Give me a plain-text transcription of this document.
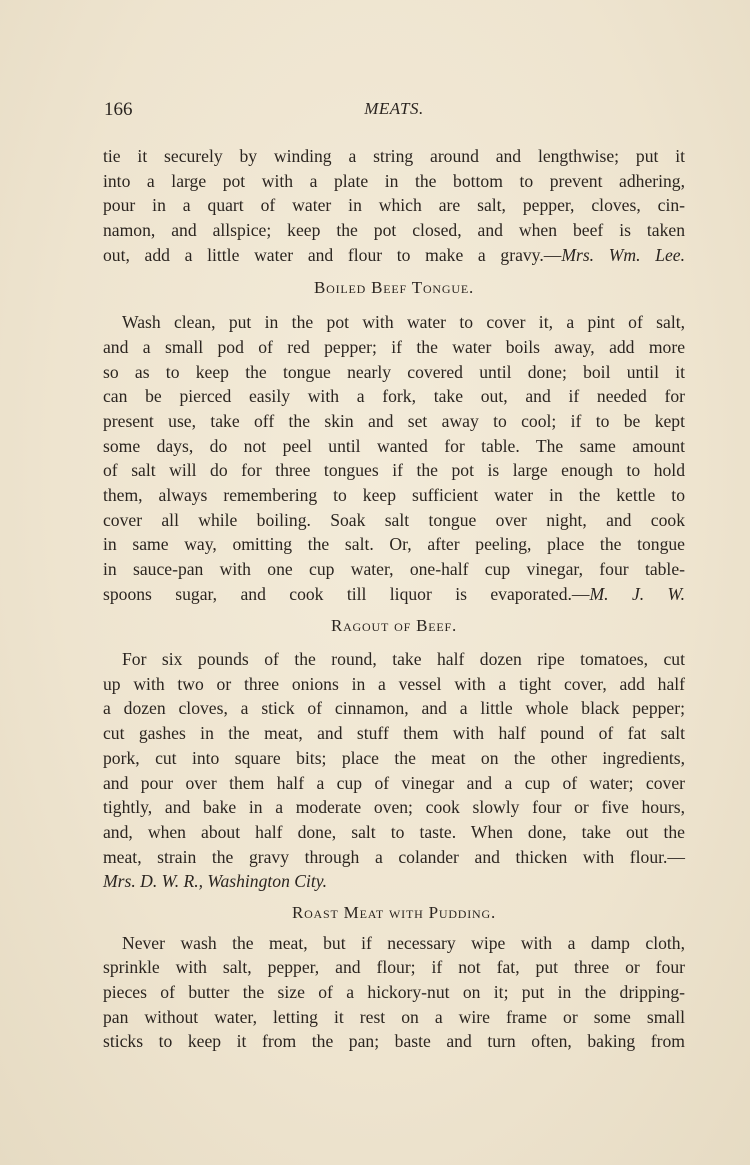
166	MEATS.
tie it securely by winding a string around and lengthwise; put it
into a large pot with a plate in the bottom to prevent adhering,
pour in a quart of water in which are salt, pepper, cloves, cin-
namon, and allspice; keep the pot closed, and when beef is taken
out, add a little water and flour to make a gravy.—Mrs. Wm. Lee.
Boiled Beef Tongue.
Wash clean, put in the pot with water to cover it, a pint of salt,
and a small pod of red pepper; if the water boils away, add more
so as to keep the tongue nearly covered until done; boil until it
can be pierced easily with a fork, take out, and if needed for
present use, take off the skin and set away to cool; if to be kept
some days, do not peel until wanted for table. The same amount
of salt will do for three tongues if the pot is large enough to hold
them, always remembering to keep sufficient water in the kettle to
cover all while boiling. Soak salt tongue over night, and cook
in same way, omitting the salt. Or, after peeling, place the tongue
in sauce-pan with one cup water, one-half cup vinegar, four table-
spoons sugar, and cook till liquor is evaporated.—M. J. W.
Ragout of Beef.
For six pounds of the round, take half dozen ripe tomatoes, cut
up with two or three onions in a vessel with a tight cover, add half
a dozen cloves, a stick of cinnamon, and a little whole black pepper;
cut gashes in the meat, and stuff them with half pound of fat salt
pork, cut into square bits; place the meat on the other ingredients,
and pour over them half a cup of vinegar and a cup of water; cover
tightly, and bake in a moderate oven; cook slowly four or five hours,
and, when about half done, salt to taste. When done, take out the
meat, strain the gravy through a colander and thicken with flour.—
Mrs. D. W. R., Washington City.
Roast Meat with Pudding.
Never wash the meat, but if necessary wipe with a damp cloth,
sprinkle with salt, pepper, and flour; if not fat, put three or four
pieces of butter the size of a hickory-nut on it; put in the dripping-
pan without water, letting it rest on a wire frame or some small
sticks to keep it from the pan; baste and turn often, baking from
